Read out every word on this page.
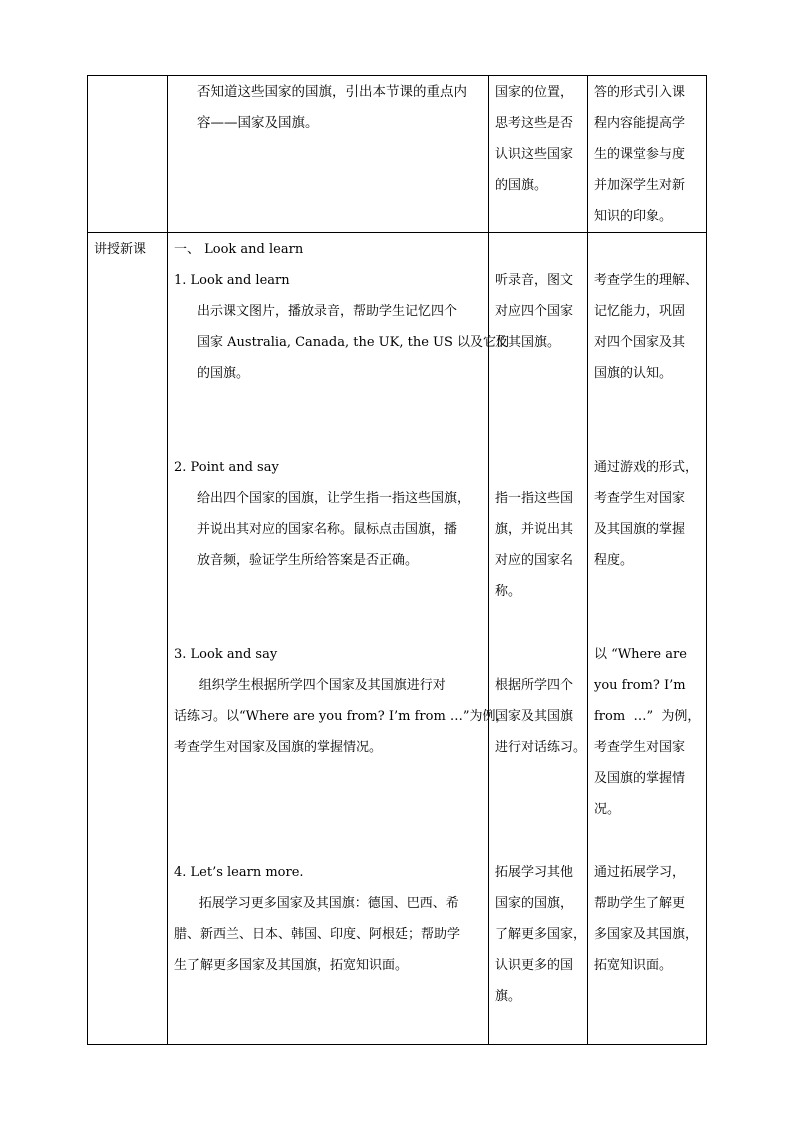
否知道这些国家的国旗，引出本节课的重点内
容——国家及国旗。
国家的位置，
思考这些是否
认识这些国家
的国旗。
答的形式引入课
程内容能提高学
生的课堂参与度
并加深学生对新
知识的印象。
讲授新课 一、 Look and learn
1. Look and learn
出示课文图片，播放录音，帮助学生记忆四个
国家 Australia, Canada, the UK, the US 以及它们
的国旗。
听录音，图文
对应四个国家
及其国旗。
考查学生的理解、
记忆能力，巩固
对四个国家及其
国旗的认知。
2. Point and say
给出四个国家的国旗，让学生指一指这些国旗，
并说出其对应的国家名称。鼠标点击国旗，播
放音频，验证学生所给答案是否正确。
指一指这些国
旗，并说出其
对应的国家名
称。
通过游戏的形式，
考查学生对国家
及其国旗的掌握
程度。
3. Look and say
组织学生根据所学四个国家及其国旗进行对
话练习。以“Where are you from? I’m from …”为例，
考查学生对国家及国旗的掌握情况。
根据所学四个
国家及其国旗
进行对话练习。
以 “Where are
you from? I’m
from  …”  为例，
考查学生对国家
及国旗的掌握情
况。
4. Let’s learn more.
拓展学习更多国家及其国旗：德国、巴西、希
腊、新西兰、日本、韩国、印度、阿根廷；帮助学
生了解更多国家及其国旗，拓宽知识面。
拓展学习其他
国家的国旗，
了解更多国家，
认识更多的国
旗。
通过拓展学习，
帮助学生了解更
多国家及其国旗，
拓宽知识面。
